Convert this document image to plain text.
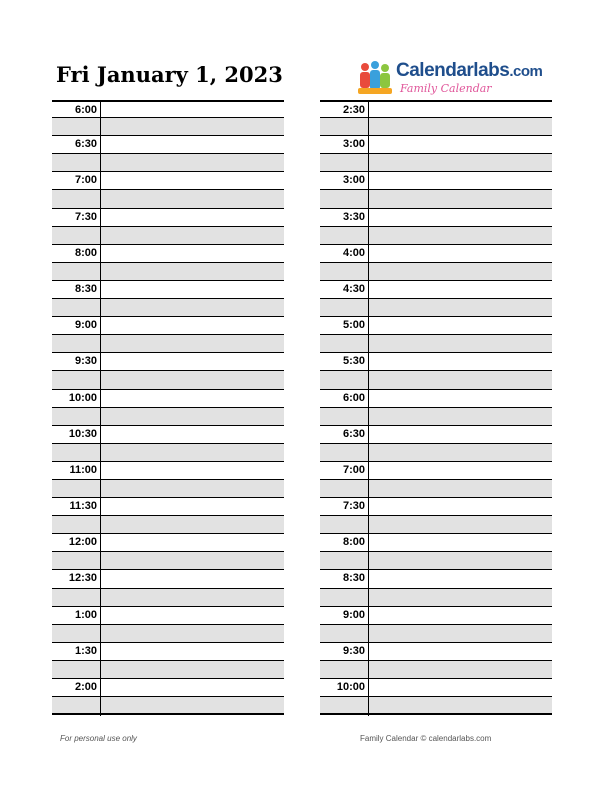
Fri January 1, 2023	Calendarlabs.com
Family Calendar
6:00
6:30
7:00
7:30
8:00
8:30
9:00
9:30
10:00
10:30
11:00
11:30
12:00
12:30
1:00
1:30
2:00
2:30
3:00
3:00
3:30
4:00
4:30
5:00
5:30
6:00
6:30
7:00
7:30
8:00
8:30
9:00
9:30
10:00
For personal use only	Family Calendar © calendarlabs.com
